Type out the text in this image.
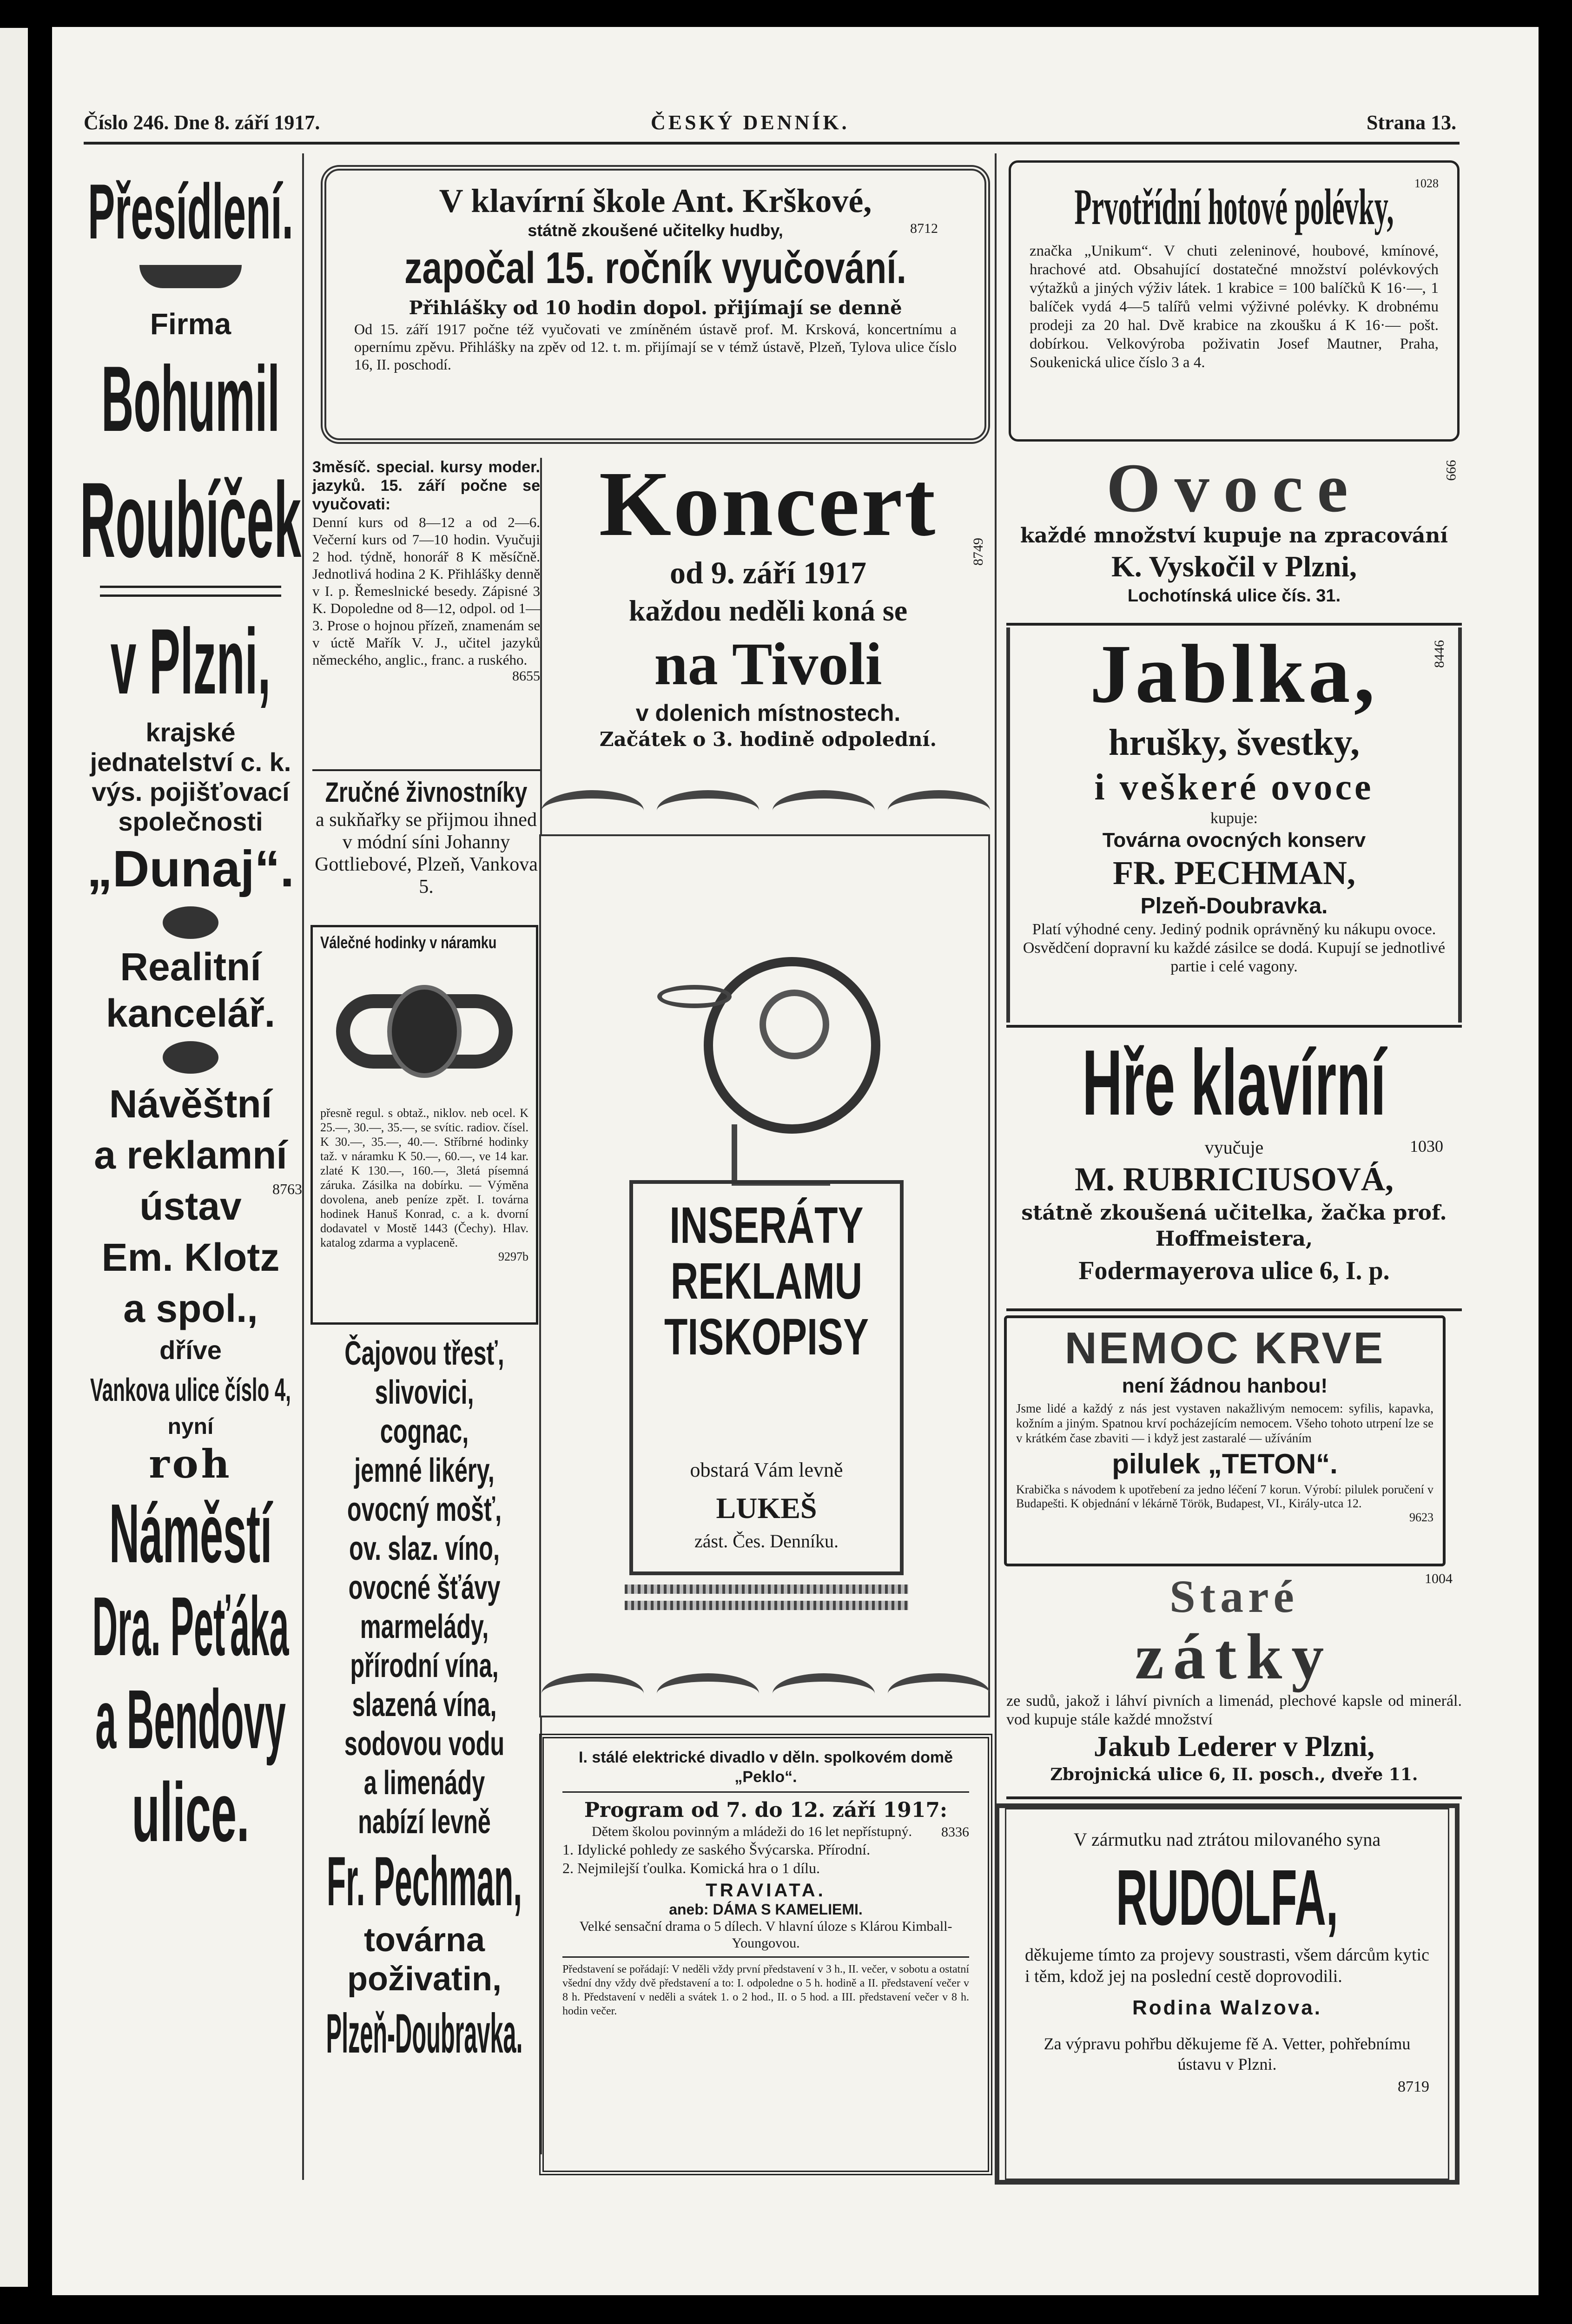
Číslo 246. Dne 8. září 1917.	ČESKÝ DENNÍK.	Strana 13.
Přesídlení.
Firma
Bohumil
Roubíček
v Plzni,
krajské
jednatelství c. k.
výs. pojišťovací
společnosti
„Dunaj“.
Realitní
kancelář.
Návěštní
a reklamní
ústav	8763
Em. Klotz
a spol.,
dříve
Vankova ulice číslo 4,
nyní
roh
Náměstí
Dra. Peťáka
a Bendovy
ulice.
V klavírní škole Ant. Krškové,
státně zkoušené učitelky hudby,	8712
započal 15. ročník vyučování.
Přihlášky od 10 hodin dopol. přijímají se denně
Od 15. září 1917 počne též vyučovati ve zmíněném ústavě prof. M. Krsková, koncertnímu a opernímu zpěvu. Přihlášky na zpěv od 12. t. m. přijímají se v témž ústavě, Plzeň, Tylova ulice číslo 16, II. poschodí.
3měsíč. special. kursy moder. jazyků. 15. září počne se vyučovati:
Denní kurs od 8—12 a od 2—6. Večerní kurs od 7—10 hodin. Vyučuji 2 hod. týdně, honorář 8 K měsíčně. Jednotlivá hodina 2 K. Přihlášky denně v I. p. Řemeslnické besedy. Zápisné 3 K. Dopoledne od 8—12, odpol. od 1—3. Prose o hojnou přízeň, znamenám se v úctě Mařík V. J., učitel jazyků německého, anglic., franc. a ruského.
8655
Zručné živnostníky
a sukňařky se přijmou ihned v módní síni Johanny Gottliebové, Plzeň, Vankova 5.
Válečné hodinky v náramku
přesně regul. s obtaž., niklov. neb ocel. K 25.—, 30.—, 35.—, se svític. radiov. čísel. K 30.—, 35.—, 40.—. Stříbrné hodinky taž. v náramku K 50.—, 60.—, ve 14 kar. zlaté K 130.—, 160.—, 3letá písemná záruka. Zásilka na dobírku. — Výměna dovolena, aneb peníze zpět. I. továrna hodinek Hanuš Konrad, c. a k. dvorní dodavatel v Mostě 1443 (Čechy). Hlav. katalog zdarma a vyplaceně.
9297b
Čajovou třesť,
slivovici,
cognac,
jemné likéry,
ovocný mošť,
ov. slaz. víno,
ovocné šťávy
marmelády,
přírodní vína,
slazená vína,
sodovou vodu
a limenády
nabízí levně
Fr. Pechman,
továrna
poživatin,
Plzeň-Doubravka.
Koncert
od 9. září 1917
8749
každou neděli koná se
na Tivoli
v dolenich místnostech.
Začátek o 3. hodině odpolední.
INSERÁTY
REKLAMU
TISKOPISY
obstará Vám levně
LUKEŠ
zást. Čes. Denníku.
I. stálé elektrické divadlo v děln. spolkovém domě „Peklo“.
Program od 7. do 12. září 1917:
Dětem školou povinným a mládeži do 16 let nepřístupný.	8336
1. Idylické pohledy ze saského Švýcarska. Přírodní.
2. Nejmilejší ťoulka. Komická hra o 1 dílu.
TRAVIATA.
aneb: DÁMA S KAMELIEMI.
Velké sensační drama o 5 dílech. V hlavní úloze s Klárou Kimball-Youngovou.
Představení se pořádají: V neděli vždy první představení v 3 h., II. večer, v sobotu a ostatní všední dny vždy dvě představení a to: I. odpoledne o 5 h. hodině a II. představení večer v 8 h. Představení v neděli a svátek 1. o 2 hod., II. o 5 hod. a III. představení večer v 8 h. hodin večer.
Prvotřídní hotové polévky,	1028
značka „Unikum“. V chuti zeleninové, houbové, kmínové, hrachové atd. Obsahující dostatečné množství polévkových výtažků a jiných výživ látek. 1 krabice = 100 balíčků K 16·—, 1 balíček vydá 4—5 talířů velmi výživné polévky. K drobnému prodeji za 20 hal. Dvě krabice na zkoušku á K 16·— pošt. dobírkou. Velkovýroba poživatin Josef Mautner, Praha, Soukenická ulice číslo 3 a 4.
Ovoce	666
každé množství kupuje na zpracování
K. Vyskočil v Plzni,
Lochotínská ulice čís. 31.
Jablka,	8446
hrušky, švestky,
i veškeré ovoce
kupuje:
Továrna ovocných konserv
FR. PECHMAN,
Plzeň-Doubravka.
Platí výhodné ceny. Jediný podnik oprávněný ku nákupu ovoce. Osvědčení dopravní ku každé zásilce se dodá. Kupují se jednotlivé partie i celé vagony.
Hře klavírní
vyučuje	1030
M. RUBRICIUSOVÁ,
státně zkoušená učitelka, žačka prof. Hoffmeistera,
Fodermayerova ulice 6, I. p.
NEMOC KRVE
není žádnou hanbou!
Jsme lidé a každý z nás jest vystaven nakažlivým nemocem: syfilis, kapavka, kožním a jiným. Spatnou krví pocházejícím nemocem. Všeho tohoto utrpení lze se v krátkém čase zbaviti — i když jest zastaralé — užíváním
pilulek „TETON“.
Krabička s návodem k upotřebení za jedno léčení 7 korun. Výrobí: pilulek poručení v Budapešti. K objednání v lékárně Török, Budapest, VI., Király-utca 12.
9623
Staré	1004
zátky
ze sudů, jakož i láhví pivních a limenád, plechové kapsle od minerál. vod kupuje stále každé množství
Jakub Lederer v Plzni,
Zbrojnická ulice 6, II. posch., dveře 11.
V zármutku nad ztrátou milovaného syna
RUDOLFA,
děkujeme tímto za projevy soustrasti, všem dárcům kytic i těm, kdož jej na poslední cestě doprovodili.
Rodina Walzova.
Za výpravu pohřbu děkujeme fě A. Vetter, pohřebnímu ústavu v Plzni.
8719
